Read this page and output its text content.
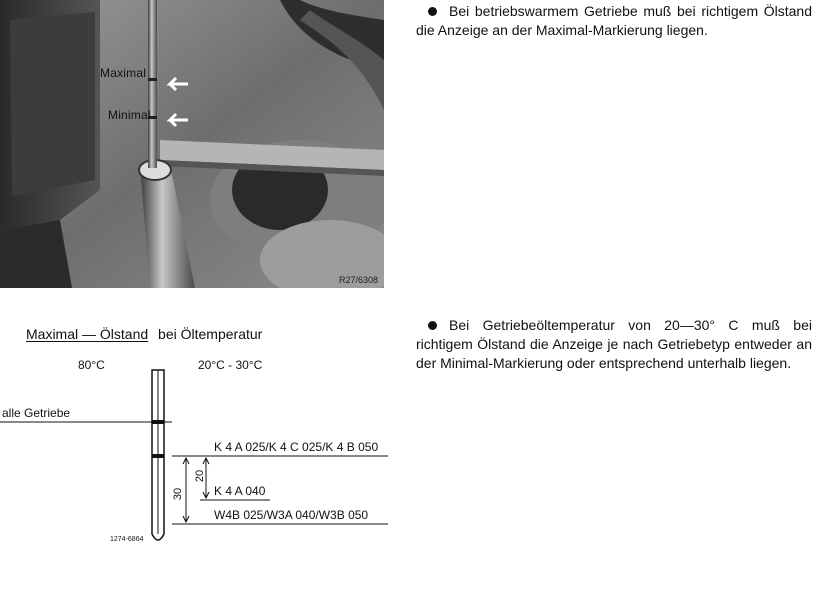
Maximal
Minimal
R27/6308
Bei betriebswarmem Getriebe muß bei richtigem Ölstand die Anzeige an der Maximal-Markierung liegen.
Bei Getriebeöltemperatur von 20—30° C muß bei richtigem Ölstand die Anzeige je nach Getriebetyp entweder an der Minimal-Markierung oder entsprechend unterhalb liegen.
Maximal — Ölstand bei Öltemperatur
80°C	20°C - 30°C
alle Getriebe
K 4 A 025/K 4 C 025/K 4 B 050
K 4 A 040
W4B 025/W3A 040/W3B 050
30
20
1274-6864
